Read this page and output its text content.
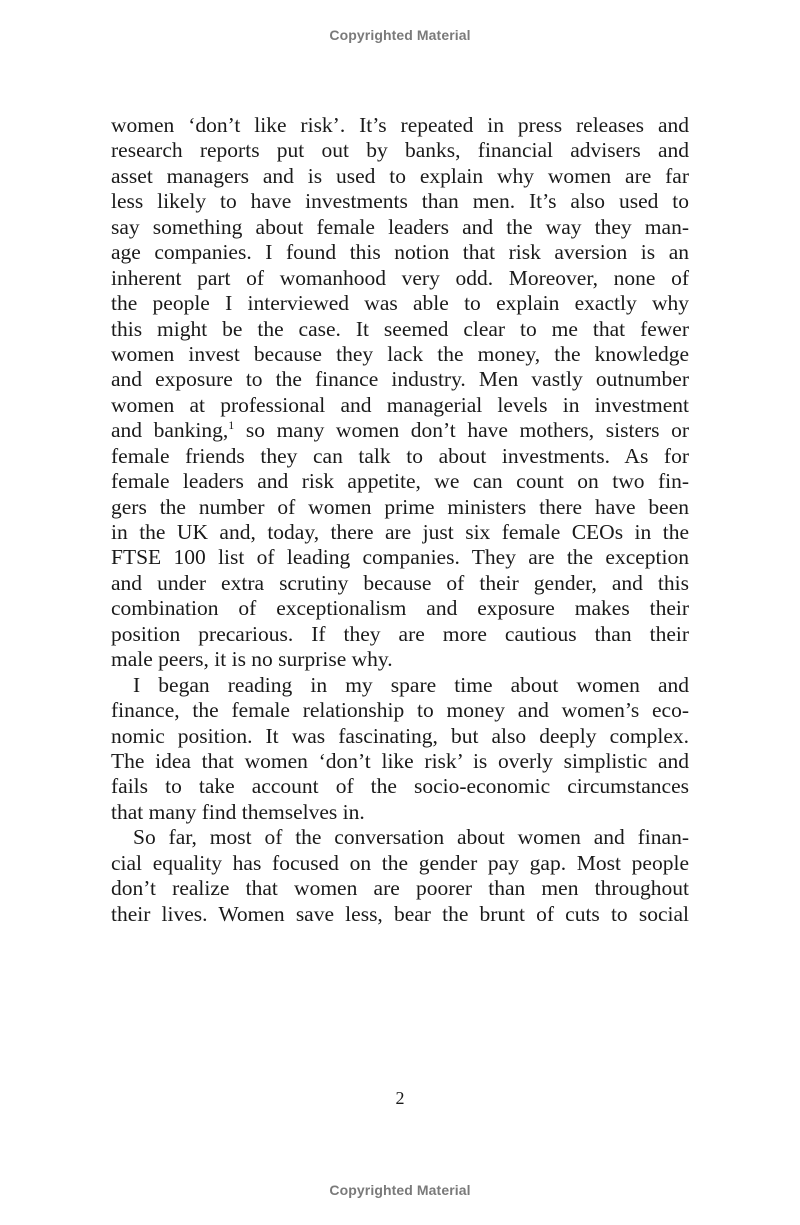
Copyrighted Material
women ‘don’t like risk’. It’s repeated in press releases and
research reports put out by banks, financial advisers and
asset managers and is used to explain why women are far
less likely to have investments than men. It’s also used to
say something about female leaders and the way they man-
age companies. I found this notion that risk aversion is an
inherent part of womanhood very odd. Moreover, none of
the people I interviewed was able to explain exactly why
this might be the case. It seemed clear to me that fewer
women invest because they lack the money, the knowledge
and exposure to the finance industry. Men vastly outnumber
women at professional and managerial levels in investment
and banking,$^1$ so many women don’t have mothers, sisters or
female friends they can talk to about investments. As for
female leaders and risk appetite, we can count on two fin-
gers the number of women prime ministers there have been
in the UK and, today, there are just six female CEOs in the
FTSE 100 list of leading companies. They are the exception
and under extra scrutiny because of their gender, and this
combination of exceptionalism and exposure makes their
position precarious. If they are more cautious than their
male peers, it is no surprise why.
I began reading in my spare time about women and
finance, the female relationship to money and women’s eco-
nomic position. It was fascinating, but also deeply complex.
The idea that women ‘don’t like risk’ is overly simplistic and
fails to take account of the socio-economic circumstances
that many find themselves in.
So far, most of the conversation about women and finan-
cial equality has focused on the gender pay gap. Most people
don’t realize that women are poorer than men throughout
their lives. Women save less, bear the brunt of cuts to social
2
Copyrighted Material
